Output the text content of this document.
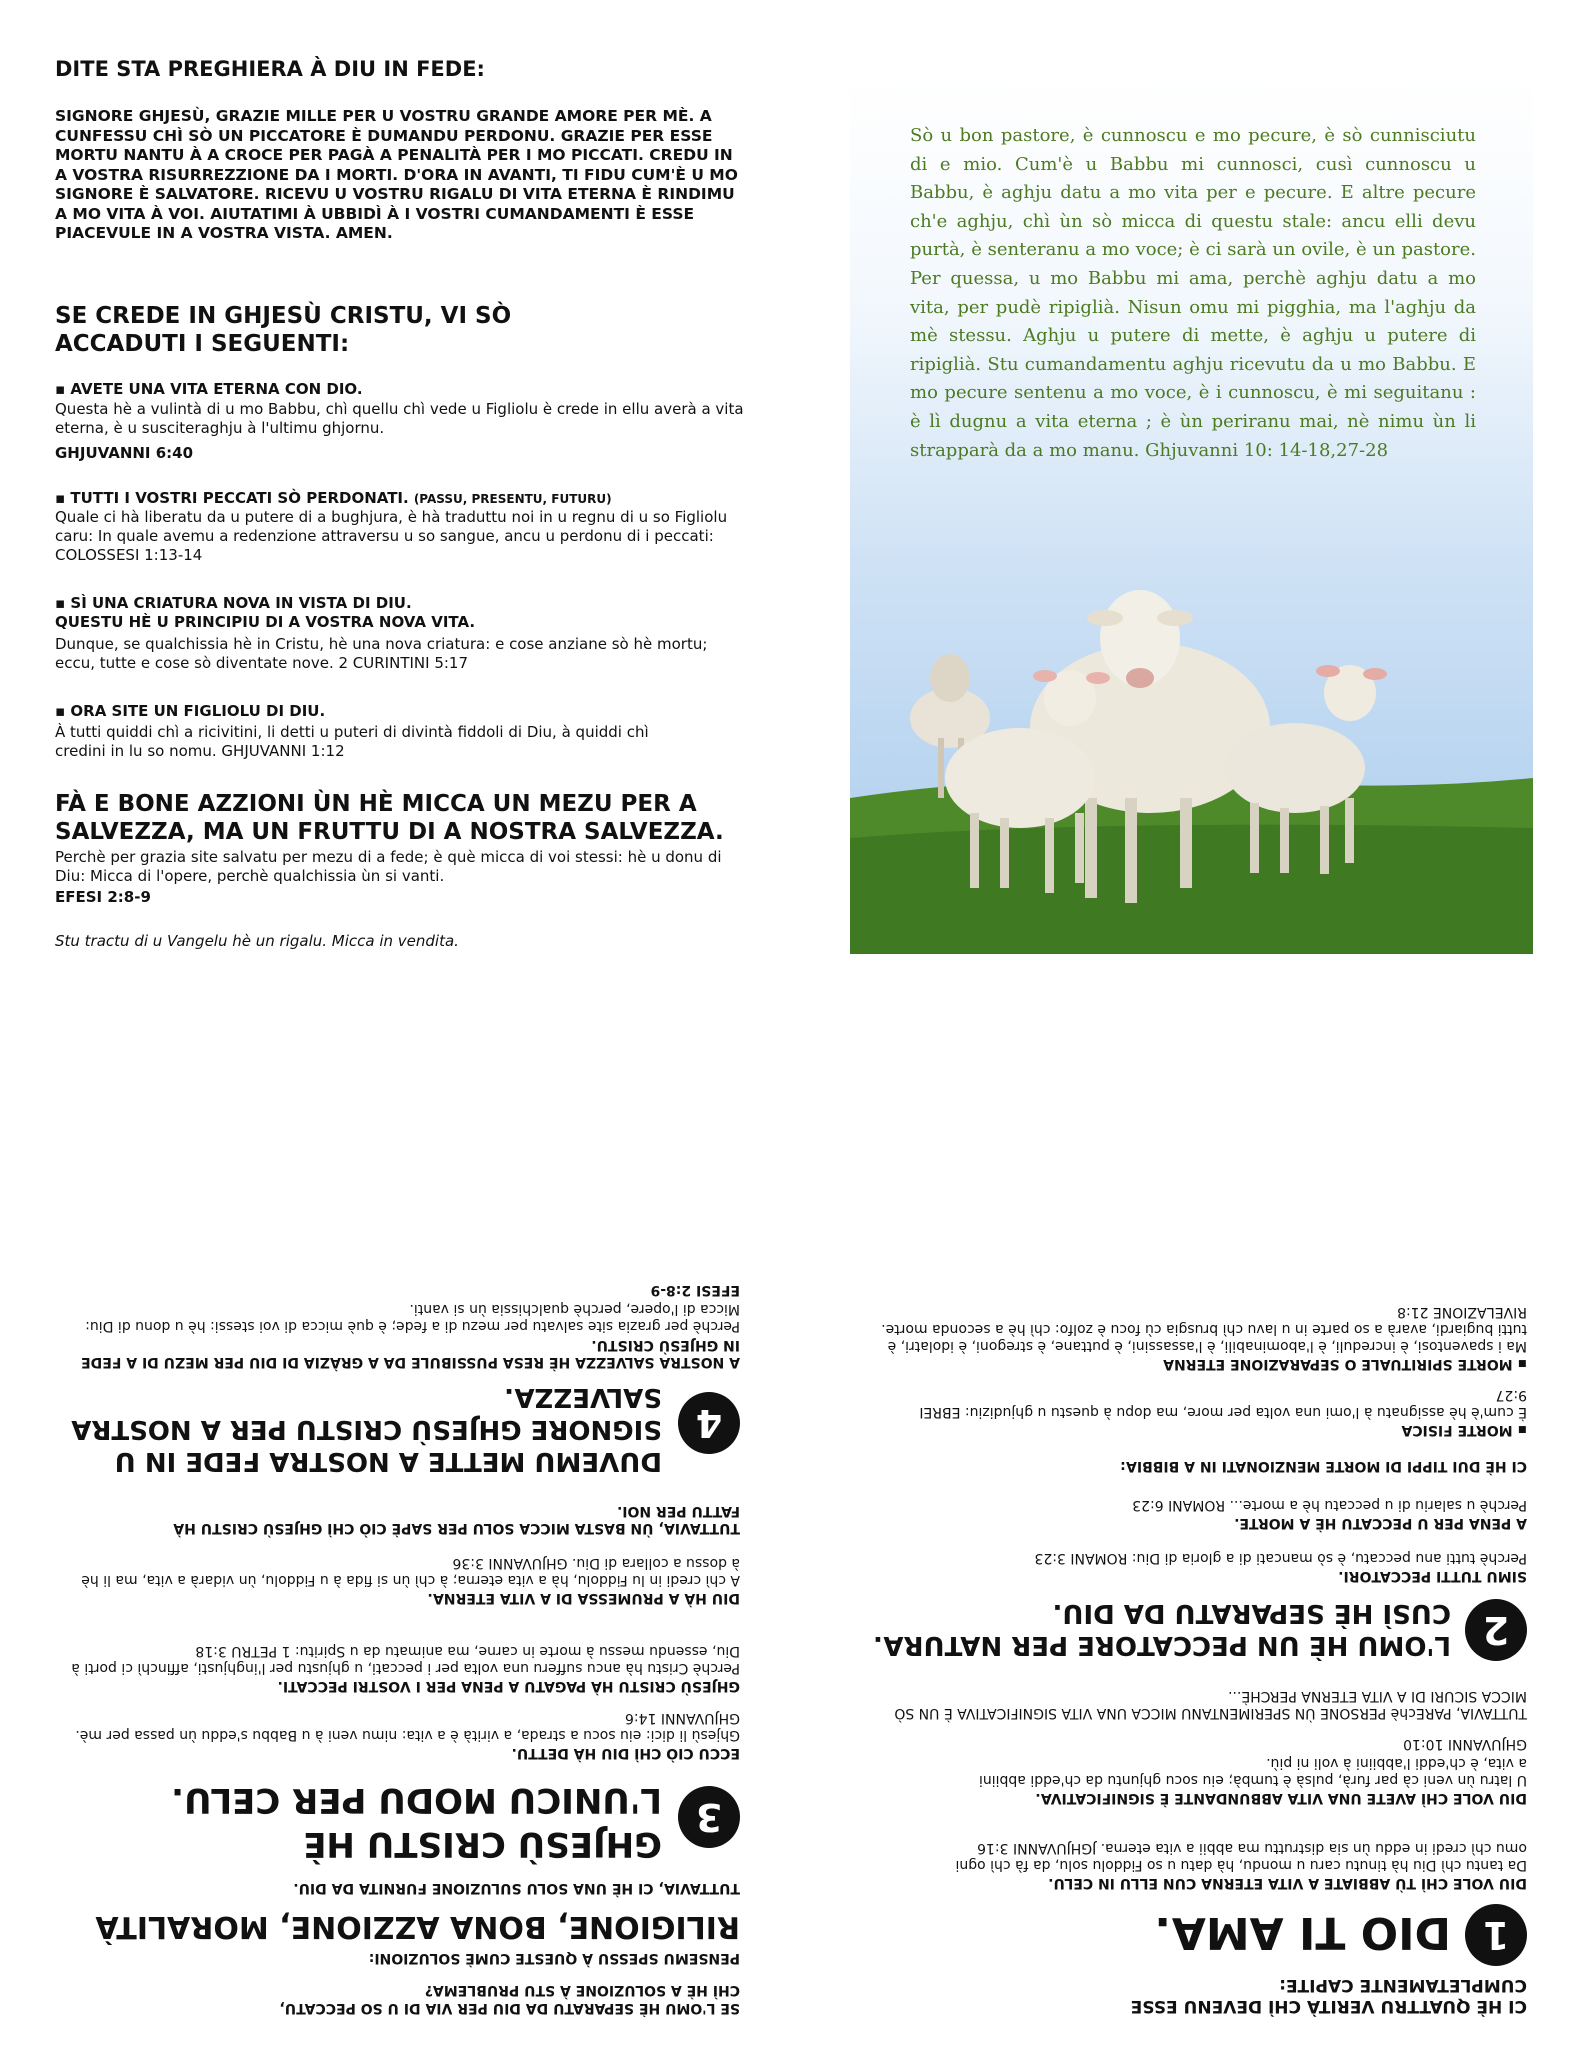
DITE STA PREGHIERA À DIU IN FEDE:
SIGNORE GHJESÙ, GRAZIE MILLE PER U VOSTRU GRANDE AMORE PER MÈ. A CUNFESSU CHÌ SÒ UN PICCATORE È DUMANDU PERDONU. GRAZIE PER ESSE MORTU NANTU À A CROCE PER PAGÀ A PENALITÀ PER I MO PICCATI. CREDU IN A VOSTRA RISURREZZIONE DA I MORTI. D'ORA IN AVANTI, TI FIDU CUM'È U MO SIGNORE È SALVATORE. RICEVU U VOSTRU RIGALU DI VITA ETERNA È RINDIMU A MO VITA À VOI. AIUTATIMI À UBBIDÌ À I VOSTRI CUMANDAMENTI È ESSE PIACEVULE IN A VOSTRA VISTA. AMEN.
SE CREDE IN GHJESÙ CRISTU, VI SÒ
ACCADUTI I SEGUENTI:
▪ AVETE UNA VITA ETERNA CON DIO.
Questa hè a vulintà di u mo Babbu, chì quellu chì vede u Figliolu è crede in ellu averà a vita eterna, è u susciteraghju à l'ultimu ghjornu.
GHJUVANNI 6:40
▪ TUTTI I VOSTRI PECCATI SÒ PERDONATI. (PASSU, PRESENTU, FUTURU)
Quale ci hà liberatu da u putere di a bughjura, è hà traduttu noi in u regnu di u so Figliolu caru: In quale avemu a redenzione attraversu u so sangue, ancu u perdonu di i peccati: COLOSSESI 1:13-14
▪ SÌ UNA CRIATURA NOVA IN VISTA DI DIU.
QUESTU HÈ U PRINCIPIU DI A VOSTRA NOVA VITA.
Dunque, se qualchissia hè in Cristu, hè una nova criatura: e cose anziane sò hè mortu; eccu, tutte e cose sò diventate nove. 2 CURINTINI 5:17
▪ ORA SITE UN FIGLIOLU DI DIU.
À tutti quiddi chì a ricivitini, li detti u puteri di divintà fiddoli di Diu, à quiddi chì credini in lu so nomu. GHJUVANNI 1:12
FÀ E BONE AZZIONI ÙN HÈ MICCA UN MEZU PER A
SALVEZZA, MA UN FRUTTU DI A NOSTRA SALVEZZA.
Perchè per grazia site salvatu per mezu di a fede; è què micca di voi stessi: hè u donu di Diu: Micca di l'opere, perchè qualchissia ùn si vanti.
EFESI 2:8-9
Stu tractu di u Vangelu hè un rigalu. Micca in vendita.
Sò u bon pastore, è cunnoscu e mo pecure, è sò cunnisciutu di e mio. Cum'è u Babbu mi cunnosci, cusì cunnoscu u Babbu, è aghju datu a mo vita per e pecure. E altre pecure ch'e aghju, chì ùn sò micca di questu stale: ancu elli devu purtà, è senteranu a mo voce; è ci sarà un ovile, è un pastore. Per quessa, u mo Babbu mi ama, perchè aghju datu a mo vita, per pudè ripiglià. Nisun omu mi pigghia, ma l'aghju da mè stessu. Aghju u putere di mette, è aghju u putere di ripiglià. Stu cumandamentu aghju ricevutu da u mo Babbu. E mo pecure sentenu a mo voce, è i cunnoscu, è mi seguitanu : è lì dugnu a vita eterna ; è ùn periranu mai, nè nimu ùn li strapparà da a mo manu. Ghjuvanni 10: 14-18,27-28
CI HÈ QUATTRU VERITÀ CHÌ DEVENU ESSE
CUMPLETAMENTE CAPITE:
1
DIO TI AMA.
DIU VOLE CHÌ TÙ ABBIATE A VITA ETERNA CUN ELLU IN CELU.
Da tantu chì Diu hà tinutu caru u mondu, hà datu u so Fiddolu solu, da fà chì ogni omu chì credi in eddu ùn sia distruttu ma abbii a vita eterna. JGHJUVANNI 3:16
DIU VOLE CHÌ AVETE UNA VITA ABBUNDANTE È SIGNIFICATIVA.
U latru ùn veni cà par furà, pulsà è tumbà; eiu socu ghjuntu da ch'eddi abbiini a vita, è ch'eddi l'abbiini à voli ni più.
GHJUVANNI 10:10
TUTTAVIA, PAREchè PERSONE ÙN SPERIMENTANU MICCA UNA VITA SIGNIFICATIVA È UN SÒ MICCA SICURI DI A VITA ETERNA PERCHÈ...
2
L'OMU HÈ UN PECCATORE PER NATURA.
CUSÌ HÈ SEPARATU DA DIU.
SIMU TUTTI PECCATORI.
Perchè tutti anu peccatu, è sò mancati di a gloria di Diu: ROMANI 3:23
A PENA PER U PECCATU HÈ A MORTE.
Perchè u salariu di u peccatu hè a morte... ROMANI 6:23
CI HÈ DUI TIPPI DI MORTE MENZIONATI IN A BIBBIA:
▪ MORTE FISICA
È cum'è hè assignatu à l'omi una volta per more, ma dopu à questu u ghjudiziu: EBREI 9:27
▪ MORTE SPIRITUALE O SEPARAZIONE ETERNA
Ma i spaventosi, è increduli, è l'abominabili, è l'assassini, è puttane, è stregoni, è idolatri, è tutti bugiardi, avarà a so parte in u lavu chì brusgia cù focu è zolfo: chì hè a seconda morte. RIVELAZIONE 21:8
SE L'OMU HÈ SEPARATU DA DIU PER VIA DI U SO PECCATU,
CHÌ HÈ A SOLUZIONE À STU PRUBLEMA?
PENSEMU SPESSU À QUESTE CUMÈ SOLUZIONI:
RILIGIONE, BONA AZZIONE, MORALITÀ
TUTTAVIA, CI HÈ UNA SOLU SULUZIONE FURNITA DA DIU.
3
GHJESÙ CRISTU HÈ
L'UNICU MODU PER CELU.
ECCU CIÒ CHÌ DIU HÀ DETTU.
Ghjesù li dici: eiu socu a strada, a virità è a vita: nimu veni à u Babbu s'eddu ùn passa per mè. GHJUVANNI 14:6
GHJESÙ CRISTU HÀ PAGATU A PENA PER I VOSTRI PECCATI.
Perchè Cristu hà ancu sufferu una volta per i peccati, u ghjustu per l'inghjusti, affinchì ci porti à Diu, essendu messu à morte in carne, ma animatu da u Spiritu: 1 PETRU 3:18
DIU HÀ A PRUMESSA DI A VITA ETERNA.
A chì credi in lu Fiddolu, hà a vita eterna; à chì ùn si fida à u Fiddolu, ùn vidarà a vita, ma li hè à dossu a collara di Diu. GHJUVANNI 3:36
TUTTAVIA, ÙN BASTA MICCA SOLU PER SAPÈ CIÒ CHÌ GHJESÙ CRISTU HÀ FATTU PER NOI.
4
DUVEMU METTE A NOSTRA FEDE IN U
SIGNORE GHJESÙ CRISTU PER A NOSTRA
SALVEZZA.
A NOSTRA SALVEZZA HÈ RESA PUSSIBULE DA A GRÀZIA DI DIU PER MEZU DI A FEDE IN GHJESÙ CRISTU.
Perchè per grazia site salvatu per mezu di a fede; è què micca di voi stessi: hè u donu di Diu: Micca di l'opere, perchè qualchissia ùn si vanti.
EFESI 2:8-9
